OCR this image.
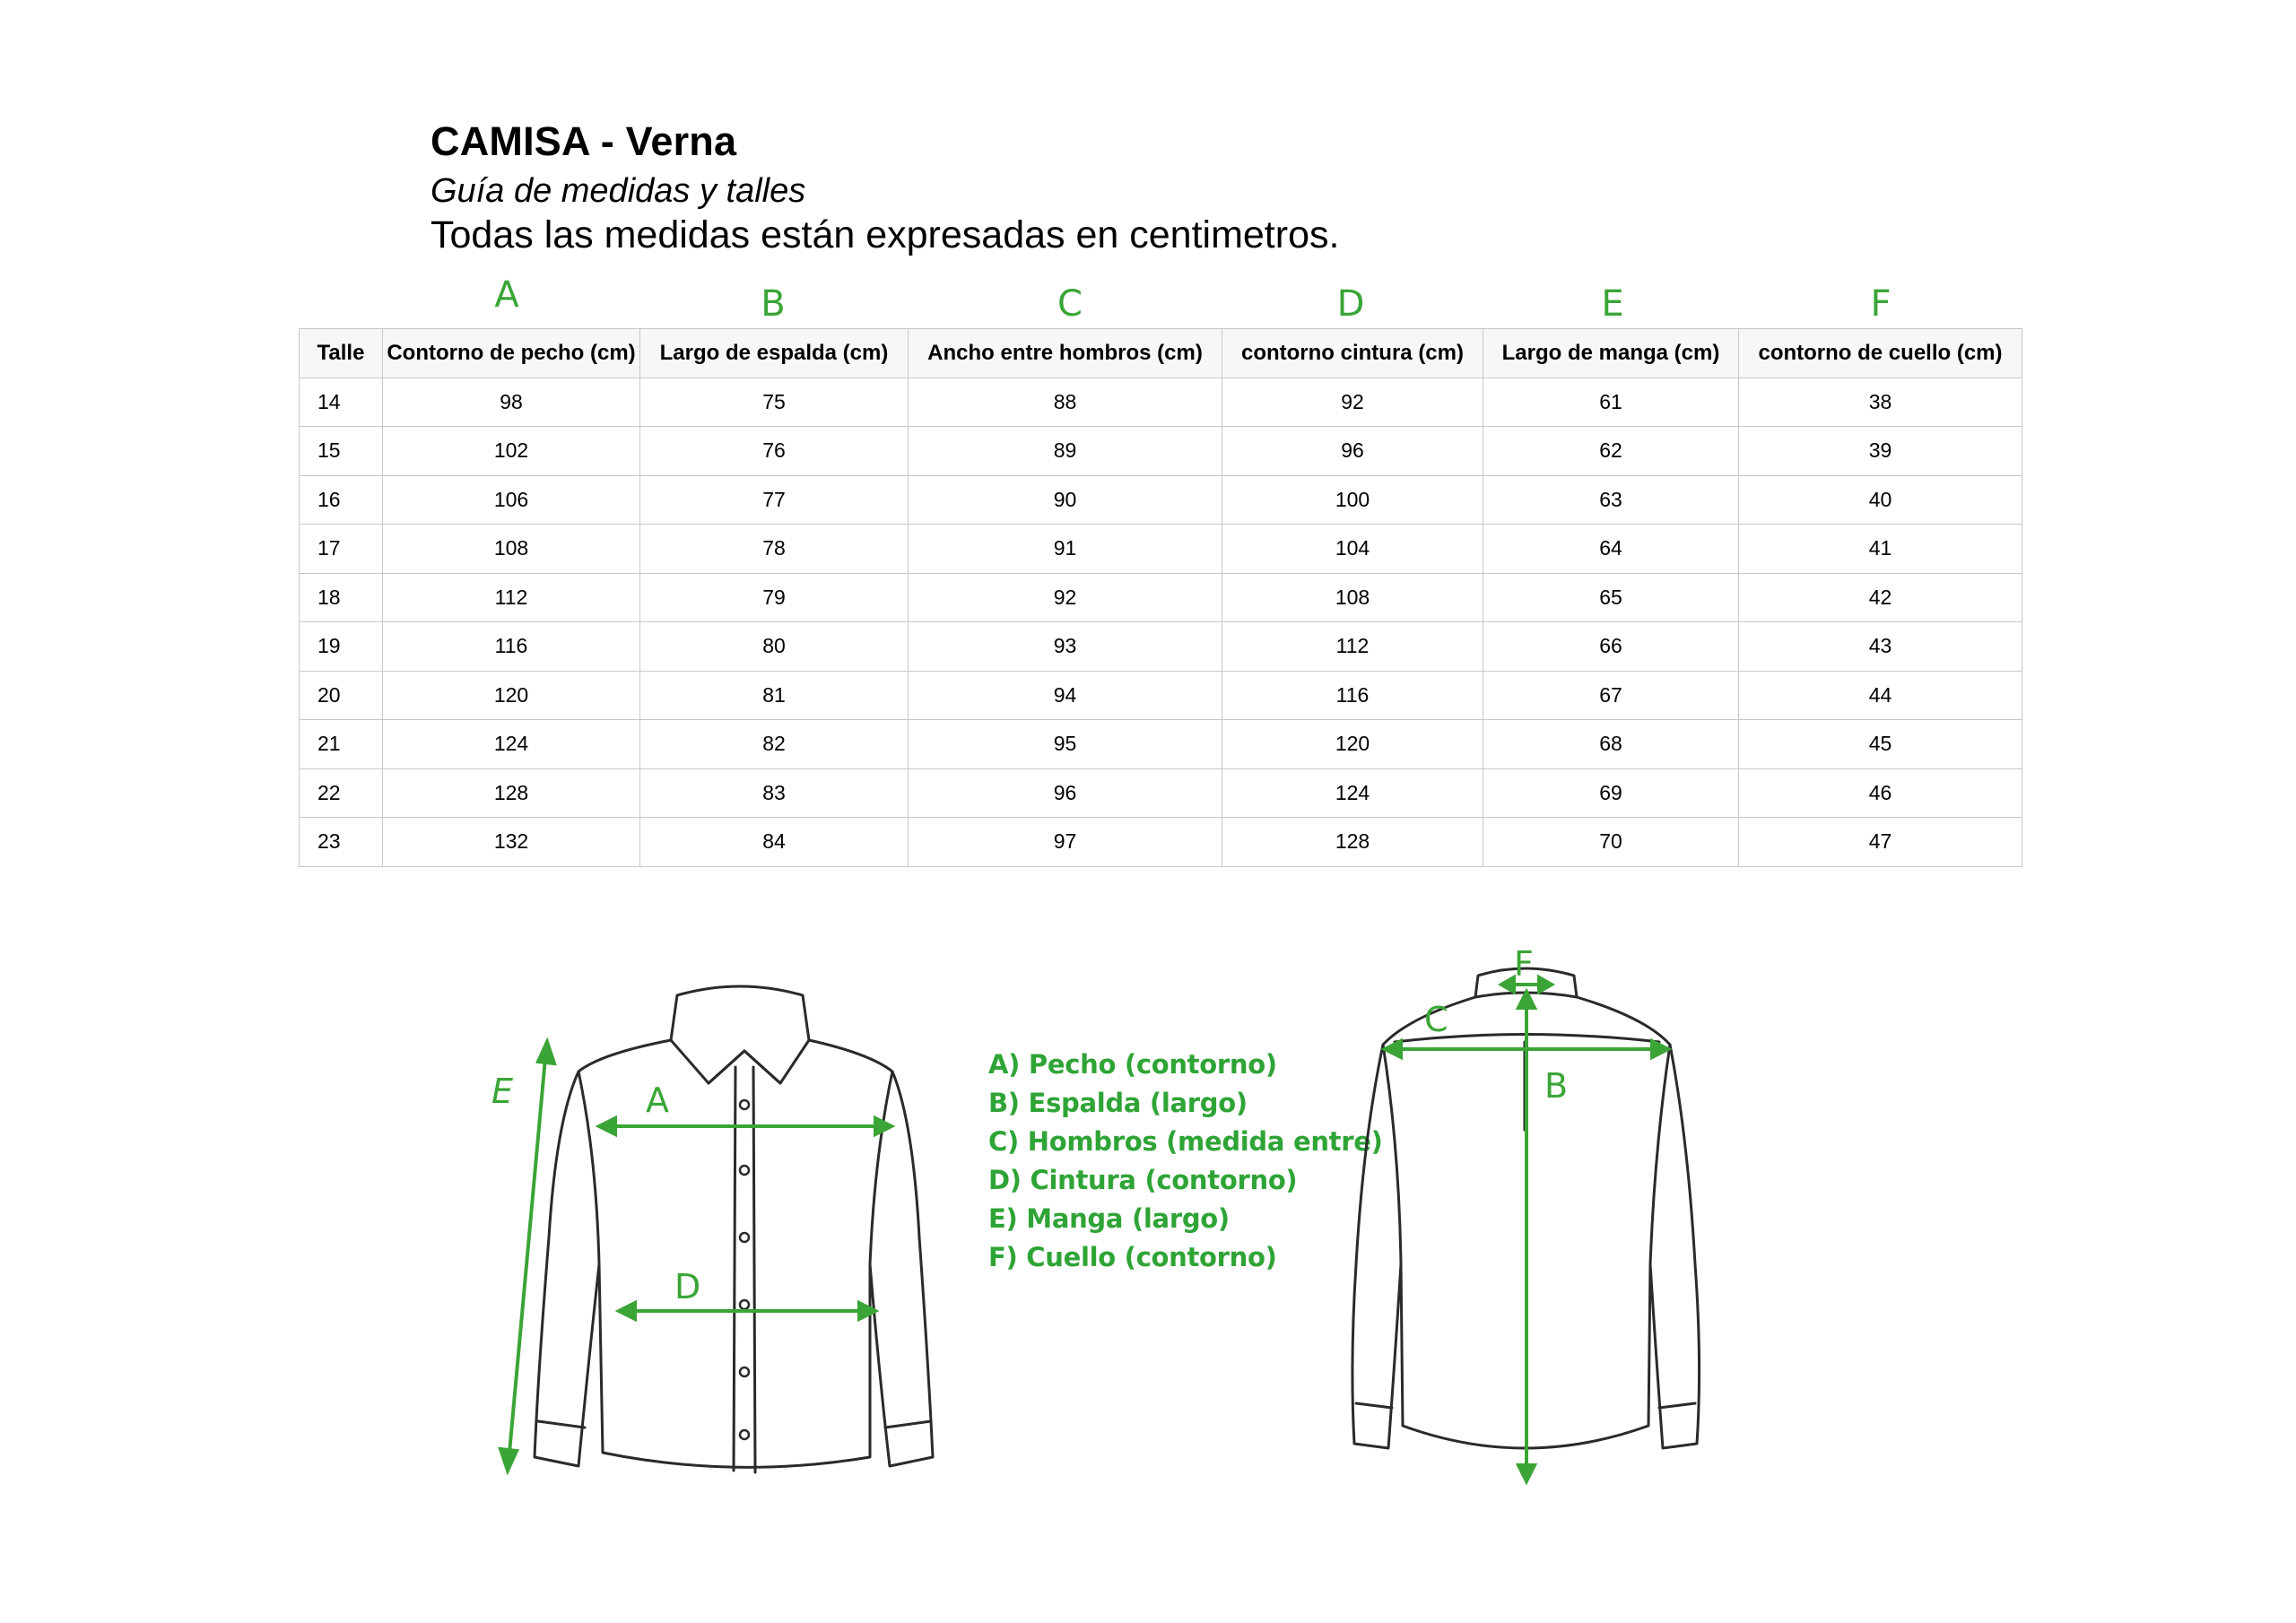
CAMISA - Verna
Guía de medidas y talles
Todas las medidas están expresadas en centimetros.
A	B	C	D	E	F
Talle	Contorno de pecho (cm)	Largo de espalda (cm)	Ancho entre hombros (cm)	contorno cintura (cm)	Largo de manga (cm)	contorno de cuello (cm)
14	98	75	88	92	61	38
15	102	76	89	96	62	39
16	106	77	90	100	63	40
17	108	78	91	104	64	41
18	112	79	92	108	65	42
19	116	80	93	112	66	43
20	120	81	94	116	67	44
21	124	82	95	120	68	45
22	128	83	96	124	69	46
23	132	84	97	128	70	47
A
D
E
A) Pecho (contorno)
B) Espalda (largo)
C) Hombros (medida entre)
D) Cintura (contorno)
E) Manga (largo)
F) Cuello (contorno)
F
C
B
